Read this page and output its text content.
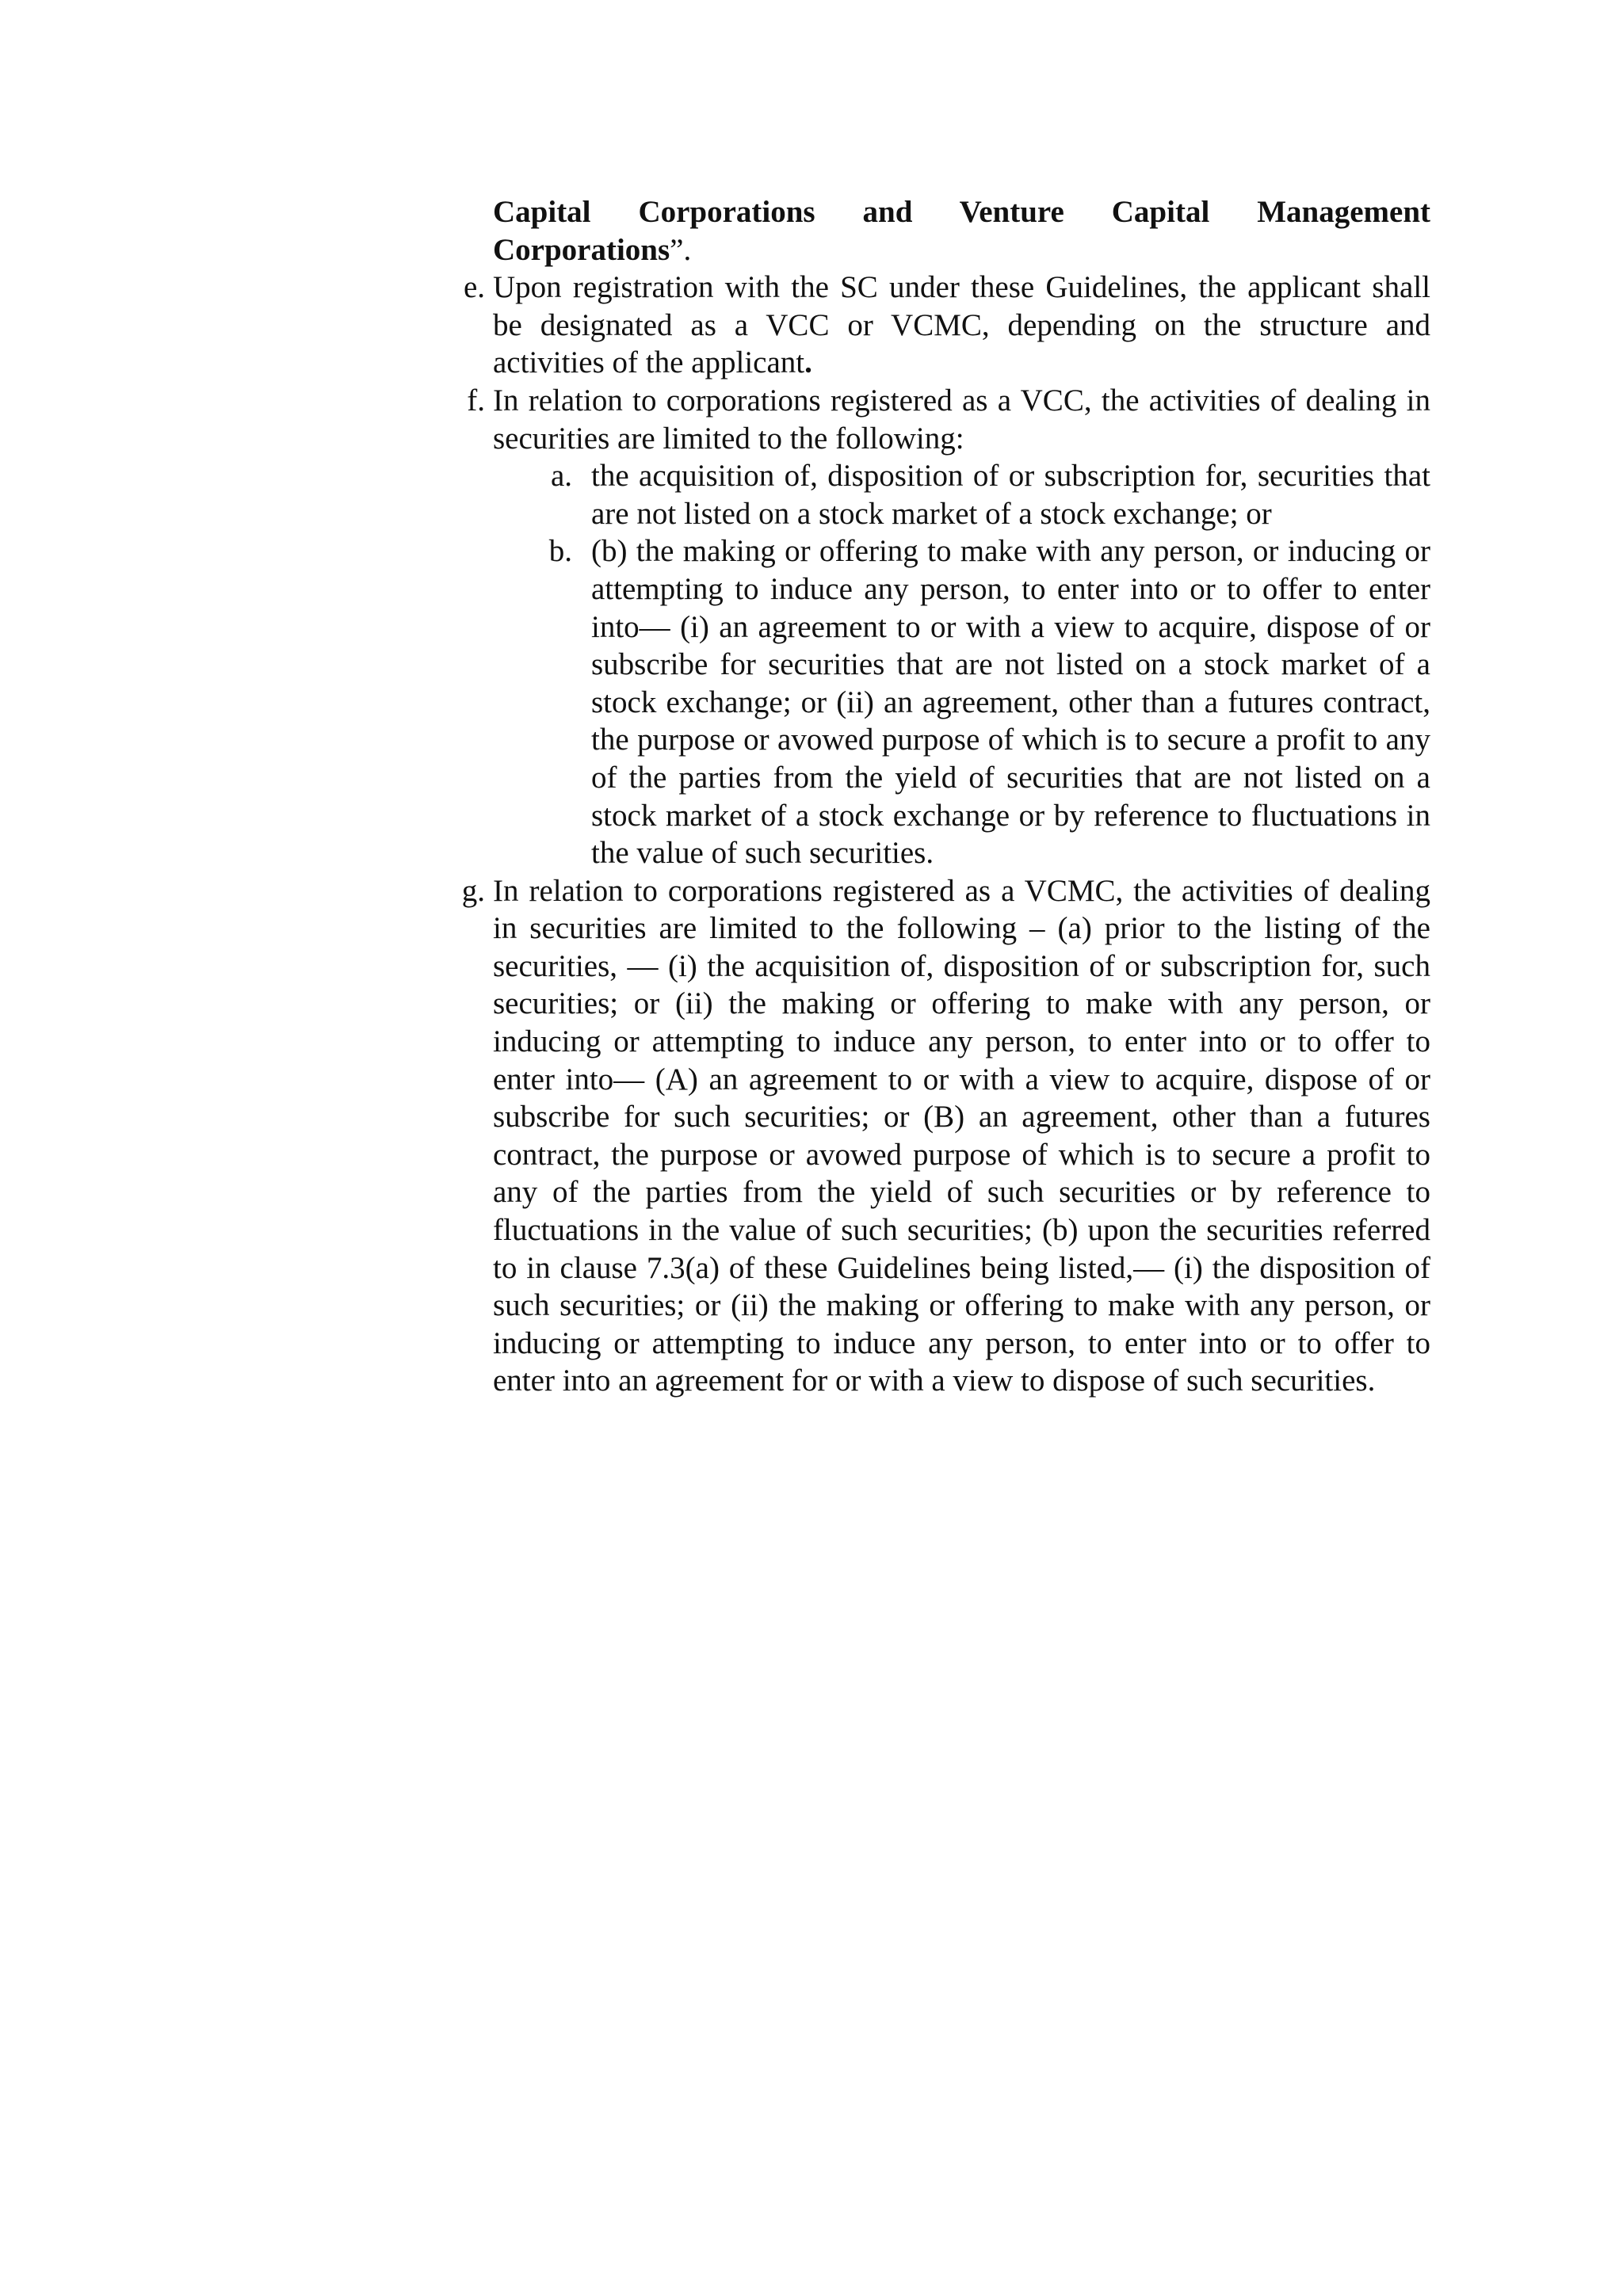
Capital Corporations and Venture Capital Management Corporations”.

e. Upon registration with the SC under these Guidelines, the applicant shall be designated as a VCC or VCMC, depending on the structure and activities of the applicant.
f. In relation to corporations registered as a VCC, the activities of dealing in securities are limited to the following:
a. the acquisition of, disposition of or subscription for, securities that are not listed on a stock market of a stock exchange; or
b. (b) the making or offering to make with any person, or inducing or attempting to induce any person, to enter into or to offer to enter into— (i) an agreement to or with a view to acquire, dispose of or subscribe for securities that are not listed on a stock market of a stock exchange; or (ii) an agreement, other than a futures contract, the purpose or avowed purpose of which is to secure a profit to any of the parties from the yield of securities that are not listed on a stock market of a stock exchange or by reference to fluctuations in the value of such securities.
g. In relation to corporations registered as a VCMC, the activities of dealing in securities are limited to the following – (a) prior to the listing of the securities, — (i) the acquisition of, disposition of or subscription for, such securities; or (ii) the making or offering to make with any person, or inducing or attempting to induce any person, to enter into or to offer to enter into— (A) an agreement to or with a view to acquire, dispose of or subscribe for such securities; or (B) an agreement, other than a futures contract, the purpose or avowed purpose of which is to secure a profit to any of the parties from the yield of such securities or by reference to fluctuations in the value of such securities; (b) upon the securities referred to in clause 7.3(a) of these Guidelines being listed,— (i) the disposition of such securities; or (ii) the making or offering to make with any person, or inducing or attempting to induce any person, to enter into or to offer to enter into an agreement for or with a view to dispose of such securities.
